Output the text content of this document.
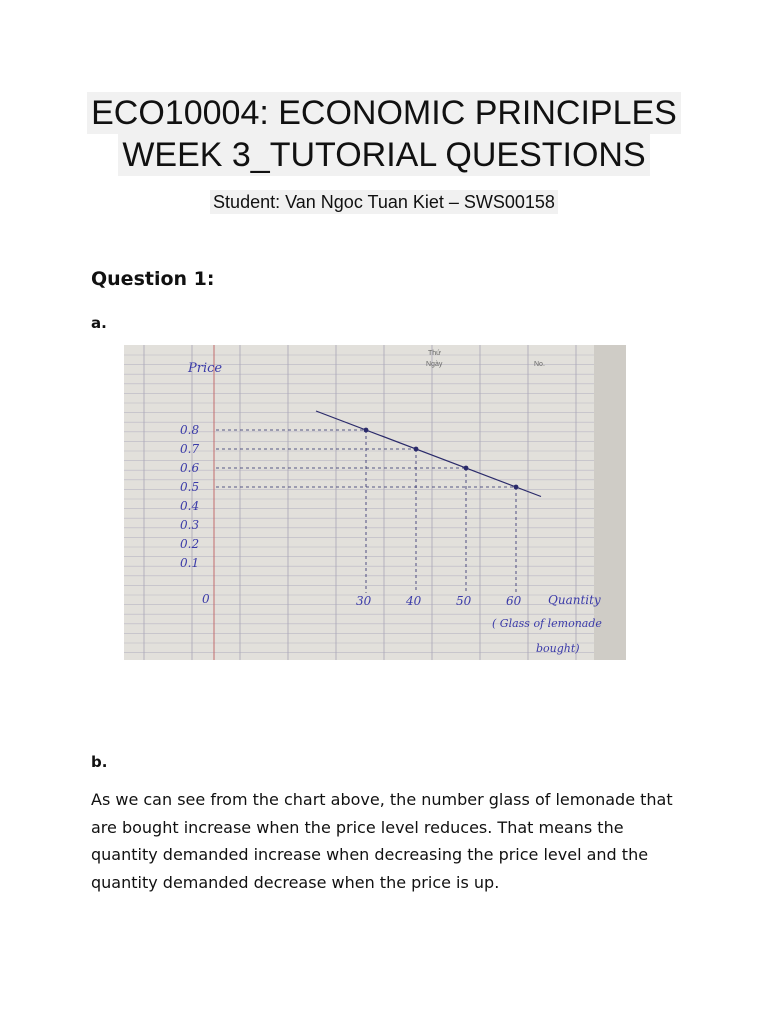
ECO10004: ECONOMIC PRINCIPLES
WEEK 3_TUTORIAL QUESTIONS
Student: Van Ngoc Tuan Kiet – SWS00158
Question 1:
a.
Thứ
Ngày	No.
Price
0	Quantity
( Glass of lemonade
bought)
0.8
0.7
0.6
0.5
0.4
0.3
0.2
0.1
30	40	50	60
b.
As we can see from the chart above, the number glass of lemonade that are bought increase when the price level reduces. That means the quantity demanded increase when decreasing the price level and the quantity demanded decrease when the price is up.
